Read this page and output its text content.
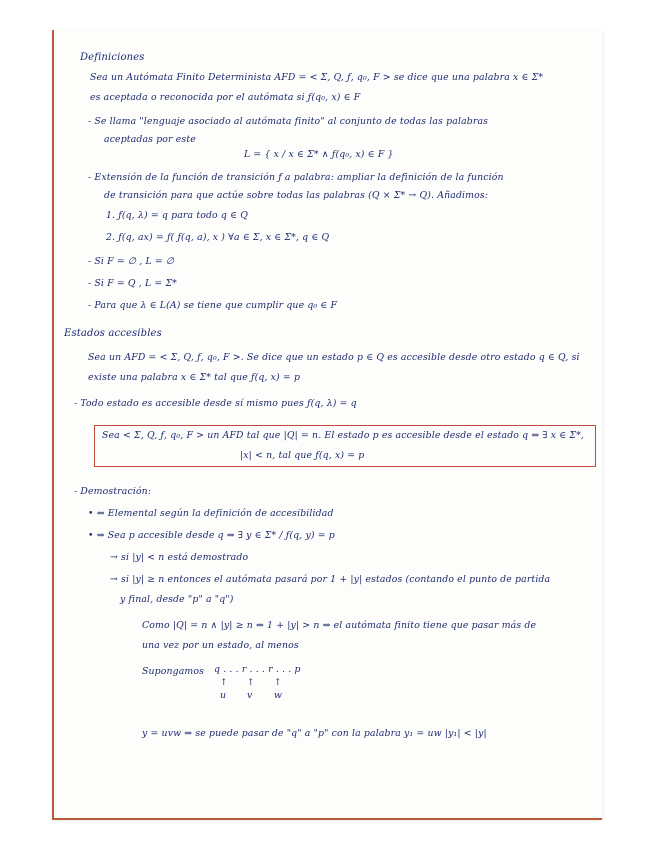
Definiciones
Sea un Autómata Finito Determinista AFD = < Σ, Q, ƒ, q₀, F > se dice que una palabra x ∈ Σ*
es aceptada o reconocida por el autómata si ƒ(q₀, x) ∈ F
- Se llama "lenguaje asociado al autómata finito" al conjunto de todas las palabras
aceptadas por este
L = { x / x ∈ Σ* ∧ ƒ(q₀, x) ∈ F }
- Extensión de la función de transición ƒ a palabra: ampliar la definición de la función
de transición para que actúe sobre todas las palabras (Q × Σ* → Q). Añadimos:
1. ƒ(q, λ) = q para todo q ∈ Q
2. ƒ(q, ax) = ƒ( ƒ(q, a), x ) ∀a ∈ Σ, x ∈ Σ*, q ∈ Q
- Si F = ∅ , L = ∅
- Si F = Q , L = Σ*
- Para que λ ∈ L(A) se tiene que cumplir que q₀ ∈ F
Estados accesibles
Sea un AFD = < Σ, Q, ƒ, q₀, F >. Se dice que un estado p ∈ Q es accesible desde otro estado q ∈ Q, si
existe una palabra x ∈ Σ* tal que ƒ(q, x) = p
- Todo estado es accesible desde sí mismo pues ƒ(q, λ) = q
Sea < Σ, Q, ƒ, q₀, F > un AFD tal que |Q| = n. El estado p es accesible desde el estado q ⇔ ∃ x ∈ Σ*,
|x| < n, tal que ƒ(q, x) = p
- Demostración:
• ⇐ Elemental según la definición de accesibilidad
• ⇒ Sea p accesible desde q ⇒ ∃ y ∈ Σ* / ƒ(q, y) = p
→ si |y| < n está demostrado
→ si |y| ≥ n entonces el autómata pasará por 1 + |y| estados (contando el punto de partida
y final, desde "p" a "q")
Como |Q| = n ∧ |y| ≥ n ⇒ 1 + |y| > n ⇒ el autómata finito tiene que pasar más de
una vez por un estado, al menos
Supongamos q . . . r . . . r . . . p
↑ ↑ ↑
u v w
y = uvw ⇒ se puede pasar de "q" a "p" con la palabra y₁ = uw |y₁| < |y|
